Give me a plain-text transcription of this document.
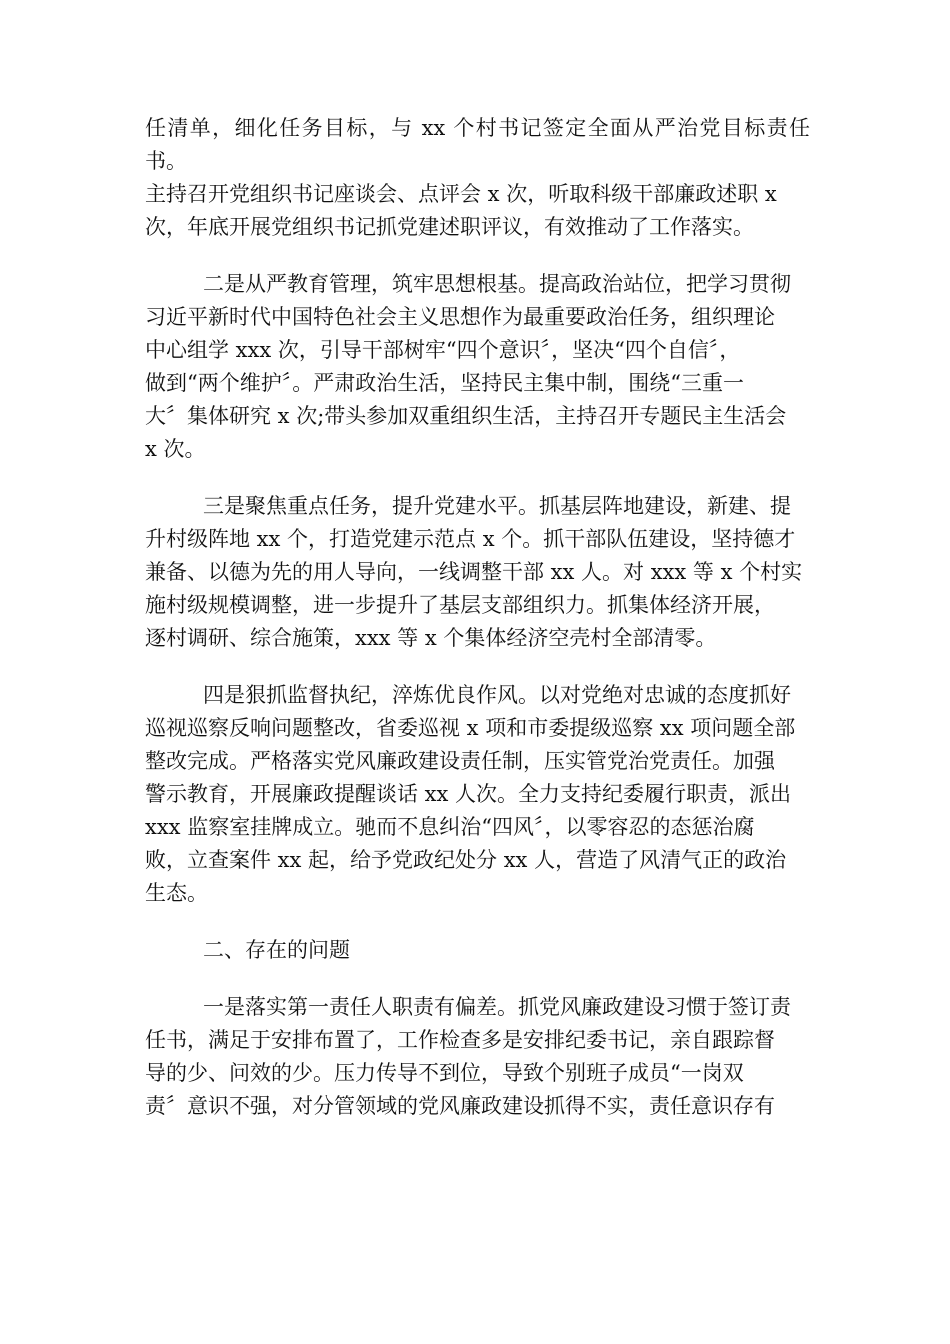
任清单，细化任务目标，与 xx 个村书记签定全面从严治党目标责任书。
主持召开党组织书记座谈会、点评会 x 次，听取科级干部廉政述职 x
次，年底开展党组织书记抓党建述职评议，有效推动了工作落实。

二是从严教育管理，筑牢思想根基。提高政治站位，把学习贯彻
习近平新时代中国特色社会主义思想作为最重要政治任务，组织理论
中心组学 xxx 次，引导干部树牢“四个意识〞，坚决“四个自信〞，
做到“两个维护〞。严肃政治生活，坚持民主集中制，围绕“三重一
大〞集体研究 x 次;带头参加双重组织生活，主持召开专题民主生活会
x 次。

三是聚焦重点任务，提升党建水平。抓基层阵地建设，新建、提
升村级阵地 xx 个，打造党建示范点 x 个。抓干部队伍建设，坚持德才
兼备、以德为先的用人导向，一线调整干部 xx 人。对 xxx 等 x 个村实
施村级规模调整，进一步提升了基层支部组织力。抓集体经济开展，
逐村调研、综合施策，xxx 等 x 个集体经济空壳村全部清零。

四是狠抓监督执纪，淬炼优良作风。以对党绝对忠诚的态度抓好
巡视巡察反响问题整改，省委巡视 x 项和市委提级巡察 xx 项问题全部
整改完成。严格落实党风廉政建设责任制，压实管党治党责任。加强
警示教育，开展廉政提醒谈话 xx 人次。全力支持纪委履行职责，派出
xxx 监察室挂牌成立。驰而不息纠治“四风〞，以零容忍的态惩治腐
败，立查案件 xx 起，给予党政纪处分 xx 人，营造了风清气正的政治
生态。

二、存在的问题

一是落实第一责任人职责有偏差。抓党风廉政建设习惯于签订责
任书，满足于安排布置了，工作检查多是安排纪委书记，亲自跟踪督
导的少、问效的少。压力传导不到位，导致个别班子成员“一岗双
责〞意识不强，对分管领域的党风廉政建设抓得不实，责任意识存有
